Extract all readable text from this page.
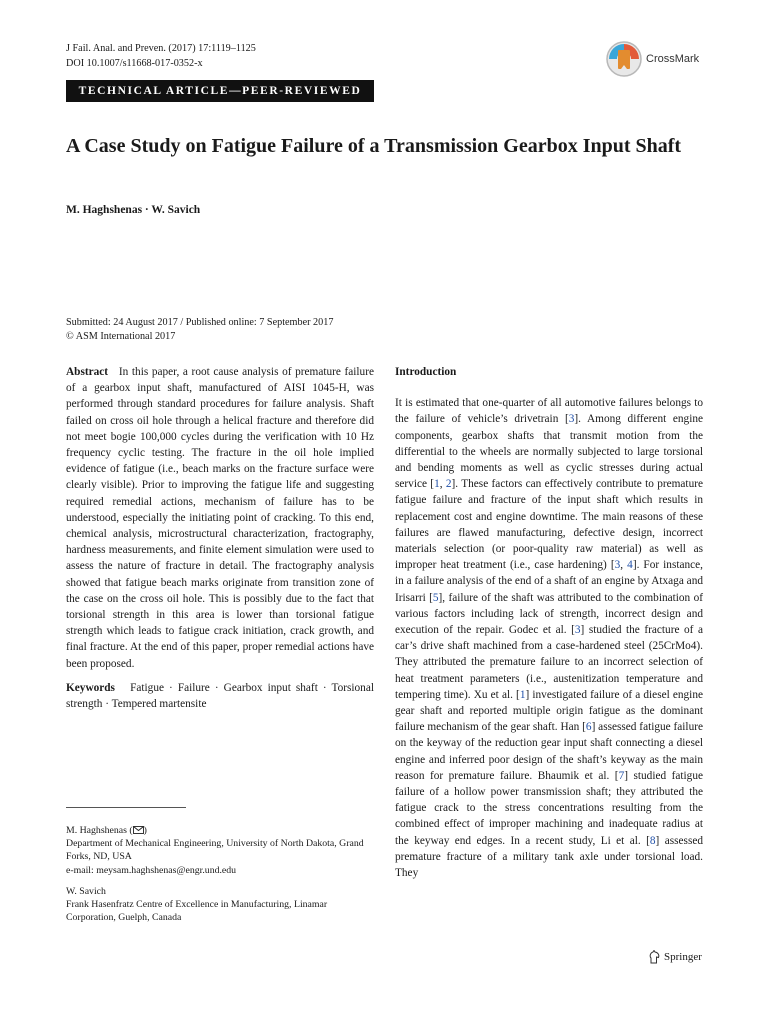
J Fail. Anal. and Preven. (2017) 17:1119–1125
DOI 10.1007/s11668-017-0352-x	CrossMark
TECHNICAL ARTICLE—PEER-REVIEWED
A Case Study on Fatigue Failure of a Transmission Gearbox Input Shaft
M. Haghshenas · W. Savich
Submitted: 24 August 2017 / Published online: 7 September 2017
© ASM International 2017

Abstract In this paper, a root cause analysis of premature failure of a gearbox input shaft, manufactured of AISI 1045-H, was performed through standard procedures for failure analysis. Shaft failed on cross oil hole through a helical fracture and therefore did not meet bogie 100,000 cycles during the verification with 10 Hz frequency cyclic testing. The fracture in the oil hole implied evidence of fatigue (i.e., beach marks on the fracture surface were clearly visible). Prior to improving the fatigue life and suggesting required remedial actions, mechanism of failure has to be understood, especially the initiating point of cracking. To this end, chemical analysis, microstructural characterization, fractography, hardness measurements, and finite element simulation were used to assess the nature of fracture in detail. The fractography analysis showed that fatigue beach marks originate from transition zone of the case on the cross oil hole. This is possibly due to the fact that torsional strength in this area is lower than torsional fatigue strength which leads to fatigue crack initiation, crack growth, and final fracture. At the end of this paper, proper remedial actions have been proposed.

Keywords Fatigue · Failure · Gearbox input shaft · Torsional strength · Tempered martensite

M. Haghshenas ( )

Department of Mechanical Engineering, University of North Dakota, Grand Forks, ND, USA

e-mail: meysam.haghshenas@engr.und.edu

W. Savich

Frank Hasenfratz Centre of Excellence in Manufacturing, Linamar Corporation, Guelph, Canada

Introduction

It is estimated that one-quarter of all automotive failures belongs to the failure of vehicle’s drivetrain [3]. Among different engine components, gearbox shafts that transmit motion from the differential to the wheels are normally subjected to large torsional and bending moments as well as cyclic stresses during actual service [1, 2]. These factors can effectively contribute to premature fatigue failure and fracture of the input shaft which results in replacement cost and engine downtime. The main reasons of these failures are flawed manufacturing, defective design, incorrect materials selection (or poor-quality raw material) as well as improper heat treatment (i.e., case hardening) [3, 4]. For instance, in a failure analysis of the end of a shaft of an engine by Atxaga and Irisarri [5], failure of the shaft was attributed to the combination of various factors including lack of strength, incorrect design and execution of the repair. Godec et al. [3] studied the fracture of a car’s drive shaft machined from a case-hardened steel (25CrMo4). They attributed the premature failure to an incorrect selection of heat treatment parameters (i.e., austenitization temperature and tempering time). Xu et al. [1] investigated failure of a diesel engine gear shaft and reported multiple origin fatigue as the dominant failure mechanism of the gear shaft. Han [6] assessed fatigue failure on the keyway of the reduction gear input shaft connecting a diesel engine and inferred poor design of the shaft’s keyway as the main reason for premature failure. Bhaumik et al. [7] studied fatigue failure of a hollow power transmission shaft; they attributed the fatigue crack to the stress concentrations resulting from the combined effect of improper machining and inadequate radius at the keyway end edges. In a recent study, Li et al. [8] assessed premature fracture of a military tank axle under torsional load. They

Springer
